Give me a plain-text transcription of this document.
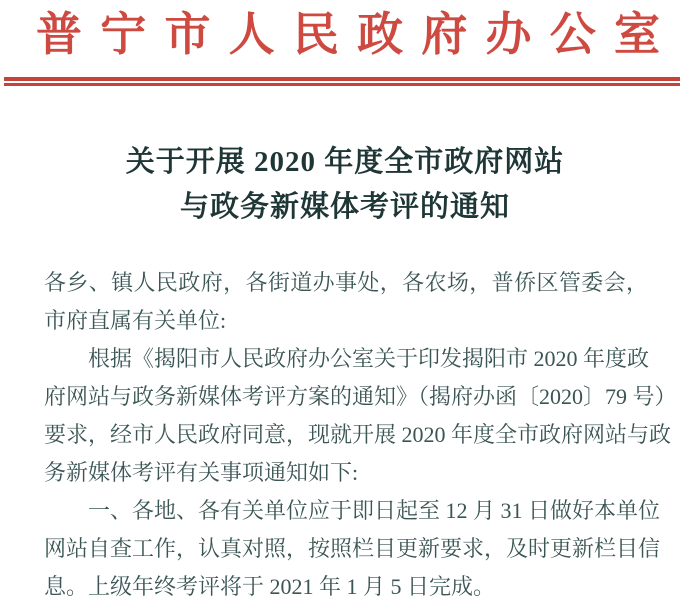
普 宁 市 人 民 政 府 办 公 室
关于开展 2020 年度全市政府网站
与政务新媒体考评的通知
各乡、镇人民政府，各街道办事处，各农场，普侨区管委会，
市府直属有关单位:
根据《揭阳市人民政府办公室关于印发揭阳市 2020 年度政
府网站与政务新媒体考评方案的通知》（揭府办函〔2020〕79 号）
要求，经市人民政府同意，现就开展 2020 年度全市政府网站与政
务新媒体考评有关事项通知如下:
一、各地、各有关单位应于即日起至 12 月 31 日做好本单位
网站自查工作，认真对照，按照栏目更新要求，及时更新栏目信
息。上级年终考评将于 2021 年 1 月 5 日完成。
